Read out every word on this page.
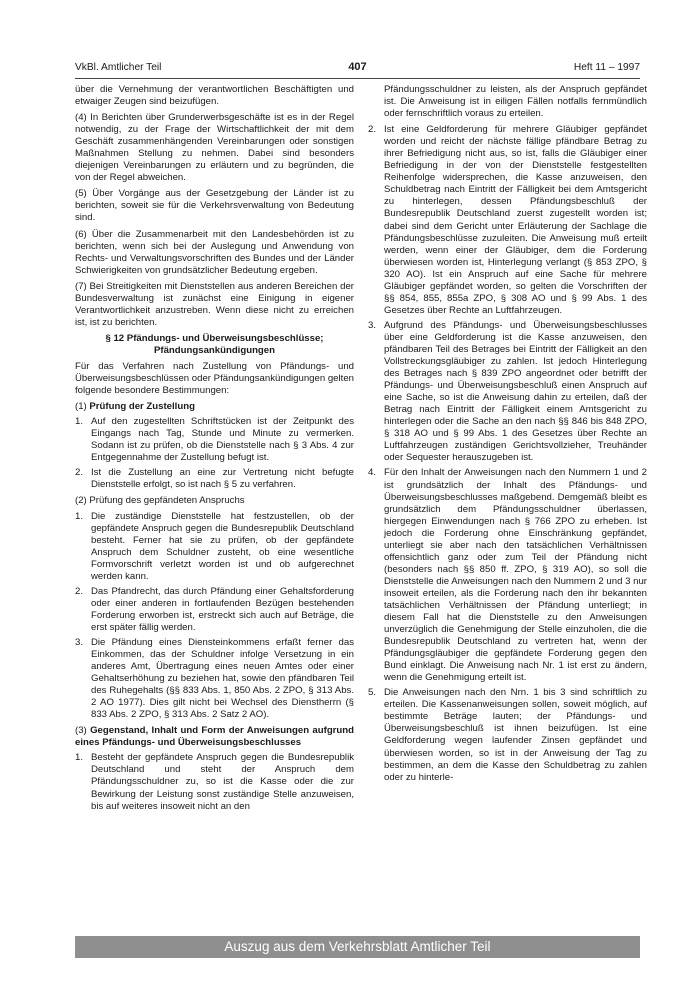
VkBl. Amtlicher Teil	407	Heft 11 – 1997

über die Vernehmung der verantwortlichen Beschäftigten und etwaiger Zeugen sind beizufügen.

(4) In Berichten über Grunderwerbsgeschäfte ist es in der Regel notwendig, zu der Frage der Wirtschaftlichkeit der mit dem Geschäft zusammenhängenden Vereinbarungen oder sonstigen Maßnahmen Stellung zu nehmen. Dabei sind besonders diejenigen Vereinbarungen zu erläutern und zu begründen, die von der Regel abweichen.

(5) Über Vorgänge aus der Gesetzgebung der Länder ist zu berichten, soweit sie für die Verkehrsverwaltung von Bedeutung sind.

(6) Über die Zusammenarbeit mit den Landesbehörden ist zu berichten, wenn sich bei der Auslegung und Anwendung von Rechts- und Verwaltungsvorschriften des Bundes und der Länder Schwierigkeiten von grundsätzlicher Bedeutung ergeben.

(7) Bei Streitigkeiten mit Dienststellen aus anderen Bereichen der Bundesverwaltung ist zunächst eine Einigung in eigener Verantwortlichkeit anzustreben. Wenn diese nicht zu erreichen ist, ist zu berichten.

§ 12 Pfändungs- und Überweisungsbeschlüsse; Pfändungsankündigungen

Für das Verfahren nach Zustellung von Pfändungs- und Überweisungsbeschlüssen oder Pfändungsankündigungen gelten folgende besondere Bestimmungen:

(1) Prüfung der Zustellung

1. Auf den zugestellten Schriftstücken ist der Zeitpunkt des Eingangs nach Tag, Stunde und Minute zu vermerken. Sodann ist zu prüfen, ob die Dienststelle nach § 3 Abs. 4 zur Entgegennahme der Zustellung befugt ist.
2. Ist die Zustellung an eine zur Vertretung nicht befugte Dienststelle erfolgt, so ist nach § 5 zu verfahren.

(2) Prüfung des gepfändeten Anspruchs

1. Die zuständige Dienststelle hat festzustellen, ob der gepfändete Anspruch gegen die Bundesrepublik Deutschland besteht. Ferner hat sie zu prüfen, ob der gepfändete Anspruch dem Schuldner zusteht, ob eine wesentliche Formvorschrift verletzt worden ist und ob aufgerechnet werden kann.
2. Das Pfandrecht, das durch Pfändung einer Gehaltsforderung oder einer anderen in fortlaufenden Bezügen bestehenden Forderung erworben ist, erstreckt sich auch auf Beträge, die erst später fällig werden.
3. Die Pfändung eines Diensteinkommens erfaßt ferner das Einkommen, das der Schuldner infolge Versetzung in ein anderes Amt, Übertragung eines neuen Amtes oder einer Gehaltserhöhung zu beziehen hat, sowie den pfändbaren Teil des Ruhegehalts (§§ 833 Abs. 1, 850 Abs. 2 ZPO, § 313 Abs. 2 AO 1977). Dies gilt nicht bei Wechsel des Dienstherrn (§ 833 Abs. 2 ZPO, § 313 Abs. 2 Satz 2 AO).

(3) Gegenstand, Inhalt und Form der Anweisungen aufgrund eines Pfändungs- und Überweisungsbeschlusses

1. Besteht der gepfändete Anspruch gegen die Bundesrepublik Deutschland und steht der Anspruch dem Pfändungsschuldner zu, so ist die Kasse oder die zur Bewirkung der Leistung sonst zuständige Stelle anzuweisen, bis auf weiteres insoweit nicht an den

Pfändungsschuldner zu leisten, als der Anspruch gepfändet ist. Die Anweisung ist in eiligen Fällen notfalls fernmündlich oder fernschriftlich voraus zu erteilen.

2. Ist eine Geldforderung für mehrere Gläubiger gepfändet worden und reicht der nächste fällige pfändbare Betrag zu ihrer Befriedigung nicht aus, so ist, falls die Gläubiger einer Befriedigung in der von der Dienststelle festgestellten Reihenfolge widersprechen, die Kasse anzuweisen, den Schuldbetrag nach Eintritt der Fälligkeit bei dem Amtsgericht zu hinterlegen, dessen Pfändungsbeschluß der Bundesrepublik Deutschland zuerst zugestellt worden ist; dabei sind dem Gericht unter Erläuterung der Sachlage die Pfändungsbeschlüsse zuzuleiten. Die Anweisung muß erteilt werden, wenn einer der Gläubiger, dem die Forderung überwiesen worden ist, Hinterlegung verlangt (§ 853 ZPO, § 320 AO). Ist ein Anspruch auf eine Sache für mehrere Gläubiger gepfändet worden, so gelten die Vorschriften der §§ 854, 855, 855a ZPO, § 308 AO und § 99 Abs. 1 des Gesetzes über Rechte an Luftfahrzeugen.
3. Aufgrund des Pfändungs- und Überweisungsbeschlusses über eine Geldforderung ist die Kasse anzuweisen, den pfändbaren Teil des Betrages bei Eintritt der Fälligkeit an den Vollstreckungsgläubiger zu zahlen. Ist jedoch Hinterlegung des Betrages nach § 839 ZPO angeordnet oder betrifft der Pfändungs- und Überweisungsbeschluß einen Anspruch auf eine Sache, so ist die Anweisung dahin zu erteilen, daß der Betrag nach Eintritt der Fälligkeit einem Amtsgericht zu hinterlegen oder die Sache an den nach §§ 846 bis 848 ZPO, § 318 AO und § 99 Abs. 1 des Gesetzes über Rechte an Luftfahrzeugen zuständigen Gerichtsvollzieher, Treuhänder oder Sequester herauszugeben ist.
4. Für den Inhalt der Anweisungen nach den Nummern 1 und 2 ist grundsätzlich der Inhalt des Pfändungs- und Überweisungsbeschlusses maßgebend. Demgemäß bleibt es grundsätzlich dem Pfändungsschuldner überlassen, hiergegen Einwendungen nach § 766 ZPO zu erheben. Ist jedoch die Forderung ohne Einschränkung gepfändet, unterliegt sie aber nach den tatsächlichen Verhältnissen offensichtlich ganz oder zum Teil der Pfändung nicht (besonders nach §§ 850 ff. ZPO, § 319 AO), so soll die Dienststelle die Anweisungen nach den Nummern 2 und 3 nur insoweit erteilen, als die Forderung nach den ihr bekannten tatsächlichen Verhältnissen der Pfändung unterliegt; in diesem Fall hat die Dienststelle zu den Anweisungen unverzüglich die Genehmigung der Stelle einzuholen, die die Bundesrepublik Deutschland zu vertreten hat, wenn der Pfändungsgläubiger die gepfändete Forderung gegen den Bund einklagt. Die Anweisung nach Nr. 1 ist erst zu ändern, wenn die Genehmigung erteilt ist.
5. Die Anweisungen nach den Nrn. 1 bis 3 sind schriftlich zu erteilen. Die Kassenanweisungen sollen, soweit möglich, auf bestimmte Beträge lauten; der Pfändungs- und Überweisungsbeschluß ist ihnen beizufügen. Ist eine Geldforderung wegen laufender Zinsen gepfändet und überwiesen worden, so ist in der Anweisung der Tag zu bestimmen, an dem die Kasse den Schuldbetrag zu zahlen oder zu hinterle-
Auszug aus dem Verkehrsblatt Amtlicher Teil
